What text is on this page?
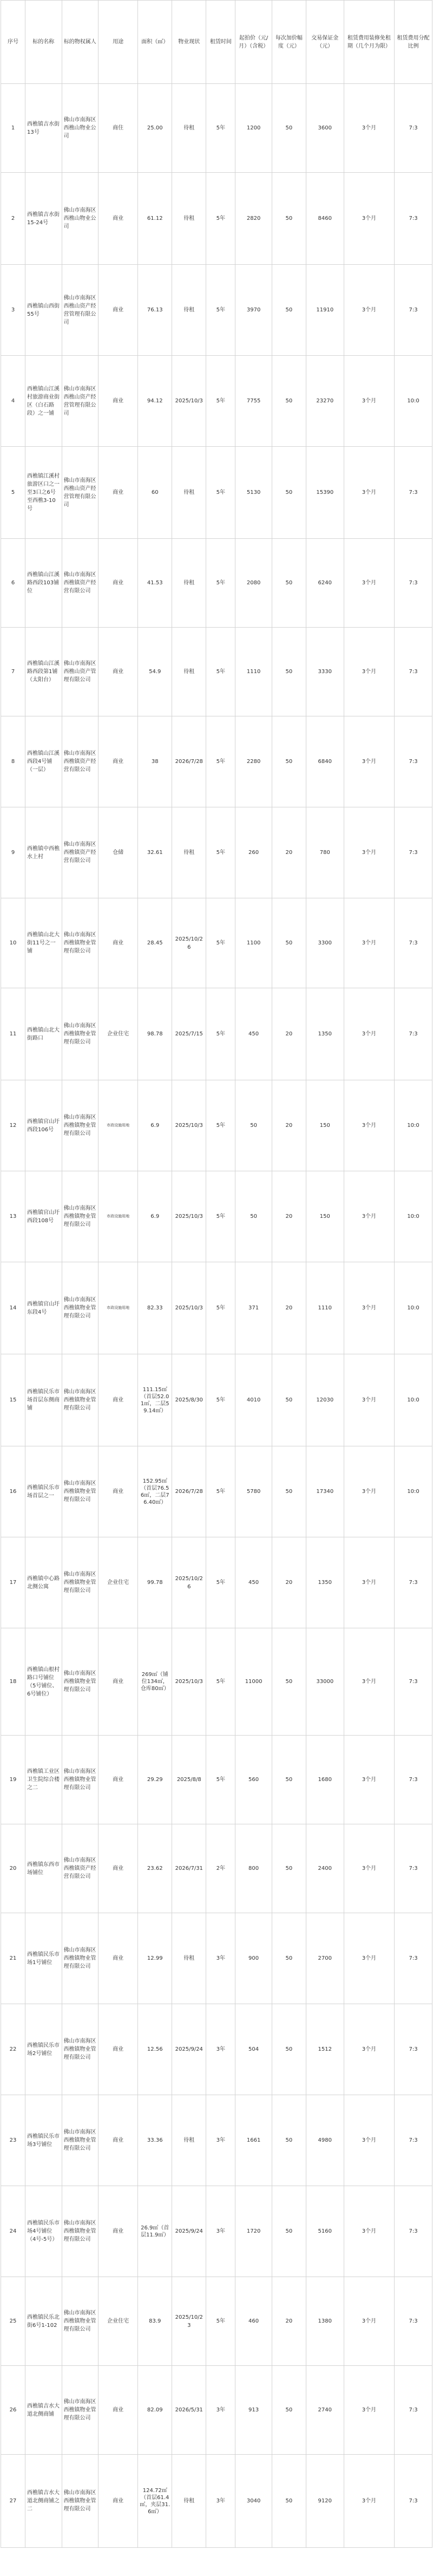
序号	标的名称	标的物权属人	用途	面积（㎡）	物业现状	租赁时间	起拍价（元/月）（含税）	每次加价幅度（元）	交易保证金（元）	租赁费用装修免租期（几个月为限）	租赁费用分配比例
1	西樵镇吉水街13号	佛山市南海区西樵山物业公司	商住	25.00	待租	5年	1200	50	3600	3个月	7:3
2	西樵镇吉水街15-24号	佛山市南海区西樵山物业公司	商业	61.12	待租	5年	2820	50	8460	3个月	7:3
3	西樵镇山西街55号	佛山市南海区西樵山资产经营管理有限公司	商业	76.13	待租	5年	3970	50	11910	3个月	7:3
4	西樵镇山江溪村旅游商业街区（白石路段）之一铺	佛山市南海区西樵山资产经营管理有限公司	商业	94.12	2025/10/3	5年	7755	50	23270	3个月	10:0
5	西樵镇江溪村旅游区口之一至3口之6号至西樵3-10号	佛山市南海区西樵山资产经营管理有限公司	商业	60	待租	5年	5130	50	15390	3个月	7:3
6	西樵镇山江溪路西段103铺位	佛山市南海区西樵镇资产经营有限公司	商业	41.53	待租	5年	2080	50	6240	3个月	7:3
7	西樵镇山江溪路西段第1铺（太阳台）	佛山市南海区西樵山资产管理有限公司	商业	54.9	待租	5年	1110	50	3330	3个月	7:3
8	西樵镇山江溪西段4号铺（一层）	佛山市南海区西樵镇资产经营有限公司	商业	38	2026/7/28	5年	2280	50	6840	3个月	7:3
9	西樵镇中西樵水上村	佛山市南海区西樵镇资产经营有限公司	仓储	32.61	待租	5年	260	20	780	3个月	7:3
10	西樵镇山北大街11号之一铺	佛山市南海区西樵镇物业管理有限公司	商业	28.45	2025/10/26	5年	1100	50	3300	3个月	7:3
11	西樵镇山北大街路口	佛山市南海区西樵镇物业管理有限公司	企业住宅	98.78	2025/7/15	5年	450	20	1350	3个月	7:3
12	西樵镇官山圩西段106号	佛山市南海区西樵镇物业管理有限公司	市政设施用地	6.9	2025/10/3	5年	50	20	150	3个月	10:0
13	西樵镇官山圩西段108号	佛山市南海区西樵镇物业管理有限公司	市政设施用地	6.9	2025/10/3	5年	50	20	150	3个月	10:0
14	西樵镇官山圩东段4号	佛山市南海区西樵镇物业管理有限公司	市政设施用地	82.33	2025/10/3	5年	371	20	1110	3个月	10:0
15	西樵镇民乐市场首层东侧商铺	佛山市南海区西樵镇物业管理有限公司	商业	111.15㎡（首层52.01㎡，二层59.14㎡）	2025/8/30	5年	4010	50	12030	3个月	10:0
16	西樵镇民乐市场首层之一	佛山市南海区西樵镇物业管理有限公司	商业	152.95㎡（首层76.56㎡，二层76.40㎡）	2026/7/28	5年	5780	50	17340	3个月	10:0
17	西樵镇中心路北侧公寓	佛山市南海区西樵镇物业管理有限公司	企业住宅	99.78	2025/10/26	5年	450	20	1350	3个月	7:3
18	西樵镇山根村路口号铺位（5号铺位、6号铺位）	佛山市南海区西樵镇物业管理有限公司	商业	269㎡（铺位134㎡，仓库80㎡）	2025/10/3	5年	11000	50	33000	3个月	7:3
19	西樵镇工业区卫生院综合楼之二	佛山市南海区西樵镇物业管理有限公司	商业	29.29	2025/8/8	5年	560	50	1680	3个月	7:3
20	西樵镇东西市场铺位	佛山市南海区西樵镇资产经营有限公司	商业	23.62	2026/7/31	2年	800	50	2400	3个月	7:3
21	西樵镇民乐市场1号铺位	佛山市南海区西樵镇物业管理有限公司	商业	12.99	待租	3年	900	50	2700	3个月	7:3
22	西樵镇民乐市场2号铺位	佛山市南海区西樵镇物业管理有限公司	商业	12.56	2025/9/24	3年	504	50	1512	3个月	7:3
23	西樵镇民乐市场3号铺位	佛山市南海区西樵镇物业管理有限公司	商业	33.36	待租	3年	1661	50	4980	3个月	7:3
24	西樵镇民乐市场4号铺位（4号-5号）	佛山市南海区西樵镇物业管理有限公司	商业	26.9㎡（首层11.9㎡）	2025/9/24	3年	1720	50	5160	3个月	7:3
25	西樵镇民乐北街6号1-102	佛山市南海区西樵镇物业管理有限公司	企业住宅	83.9	2025/10/23	5年	460	20	1380	3个月	7:3
26	西樵镇吉水大道北侧商铺	佛山市南海区西樵镇物业管理有限公司	商业	82.09	2026/5/31	3年	913	50	2740	3个月	7:3
27	西樵镇吉水大道北侧商铺之二	佛山市南海区西樵镇物业管理有限公司	商业	124.72㎡（首层61.4㎡，夹层31.6㎡）	待租	3年	3040	50	9120	3个月	7:3
